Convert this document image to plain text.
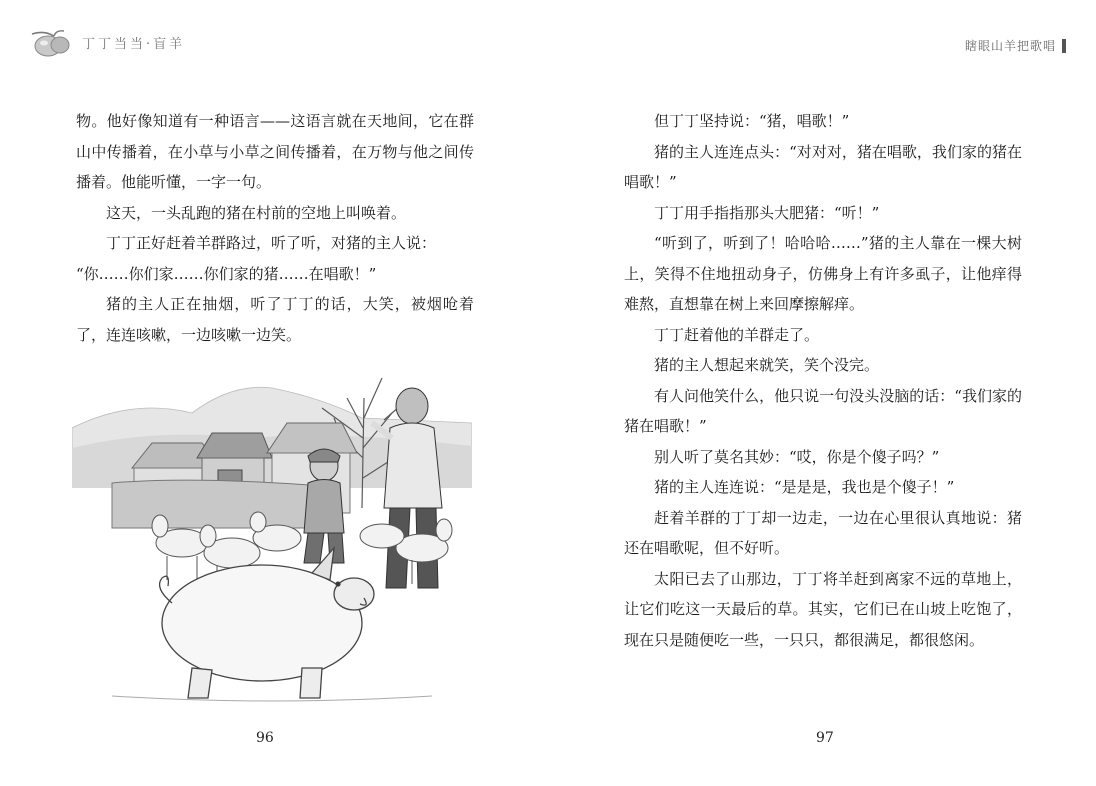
丁丁当当·盲羊

物。他好像知道有一种语言——这语言就在天地间，它在群山中传播着，在小草与小草之间传播着，在万物与他之间传播着。他能听懂，一字一句。

这天，一头乱跑的猪在村前的空地上叫唤着。

丁丁正好赶着羊群路过，听了听，对猪的主人说：

“你……你们家……你们家的猪……在唱歌！”

猪的主人正在抽烟，听了丁丁的话，大笑，被烟呛着了，连连咳嗽，一边咳嗽一边笑。

96
瞎眼山羊把歌唱

但丁丁坚持说：“猪，唱歌！”

猪的主人连连点头：“对对对，猪在唱歌，我们家的猪在唱歌！”

丁丁用手指指那头大肥猪：“听！”

“听到了，听到了！哈哈哈……”猪的主人靠在一棵大树上，笑得不住地扭动身子，仿佛身上有许多虱子，让他痒得难熬，直想靠在树上来回摩擦解痒。

丁丁赶着他的羊群走了。

猪的主人想起来就笑，笑个没完。

有人问他笑什么，他只说一句没头没脑的话：“我们家的猪在唱歌！”

别人听了莫名其妙：“哎，你是个傻子吗？”

猪的主人连连说：“是是是，我也是个傻子！”

赶着羊群的丁丁却一边走，一边在心里很认真地说：猪还在唱歌呢，但不好听。

太阳已去了山那边，丁丁将羊赶到离家不远的草地上，让它们吃这一天最后的草。其实，它们已在山坡上吃饱了，现在只是随便吃一些，一只只，都很满足，都很悠闲。

97
